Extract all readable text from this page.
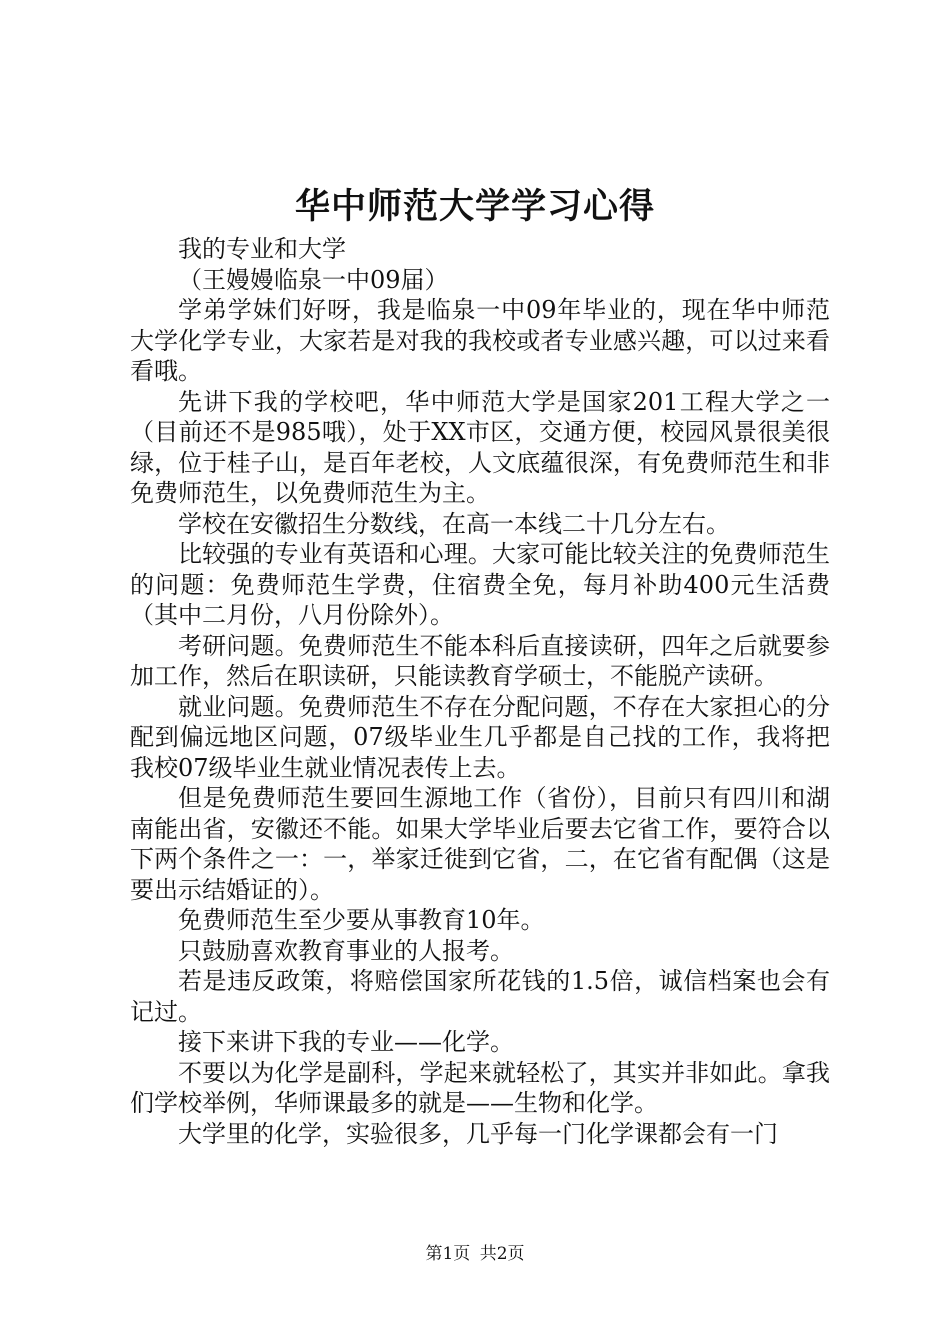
华中师范大学学习心得

我的专业和大学

（王嫚嫚临泉一中09届）

学弟学妹们好呀，我是临泉一中09年毕业的，现在华中师范大学化学专业，大家若是对我的我校或者专业感兴趣，可以过来看看哦。

先讲下我的学校吧，华中师范大学是国家201工程大学之一（目前还不是985哦），处于XX市区，交通方便，校园风景很美很绿，位于桂子山，是百年老校，人文底蕴很深，有免费师范生和非免费师范生，以免费师范生为主。

学校在安徽招生分数线，在高一本线二十几分左右。

比较强的专业有英语和心理。大家可能比较关注的免费师范生的问题：免费师范生学费，住宿费全免，每月补助400元生活费（其中二月份，八月份除外）。

考研问题。免费师范生不能本科后直接读研，四年之后就要参加工作，然后在职读研，只能读教育学硕士，不能脱产读研。

就业问题。免费师范生不存在分配问题，不存在大家担心的分配到偏远地区问题，07级毕业生几乎都是自己找的工作，我将把我校07级毕业生就业情况表传上去。

但是免费师范生要回生源地工作（省份），目前只有四川和湖南能出省，安徽还不能。如果大学毕业后要去它省工作，要符合以下两个条件之一：一，举家迁徙到它省，二，在它省有配偶（这是要出示结婚证的）。

免费师范生至少要从事教育10年。

只鼓励喜欢教育事业的人报考。

若是违反政策，将赔偿国家所花钱的1.5倍，诚信档案也会有记过。

接下来讲下我的专业——化学。

不要以为化学是副科，学起来就轻松了，其实并非如此。拿我们学校举例，华师课最多的就是——生物和化学。

大学里的化学，实验很多，几乎每一门化学课都会有一门

第1页 共2页
